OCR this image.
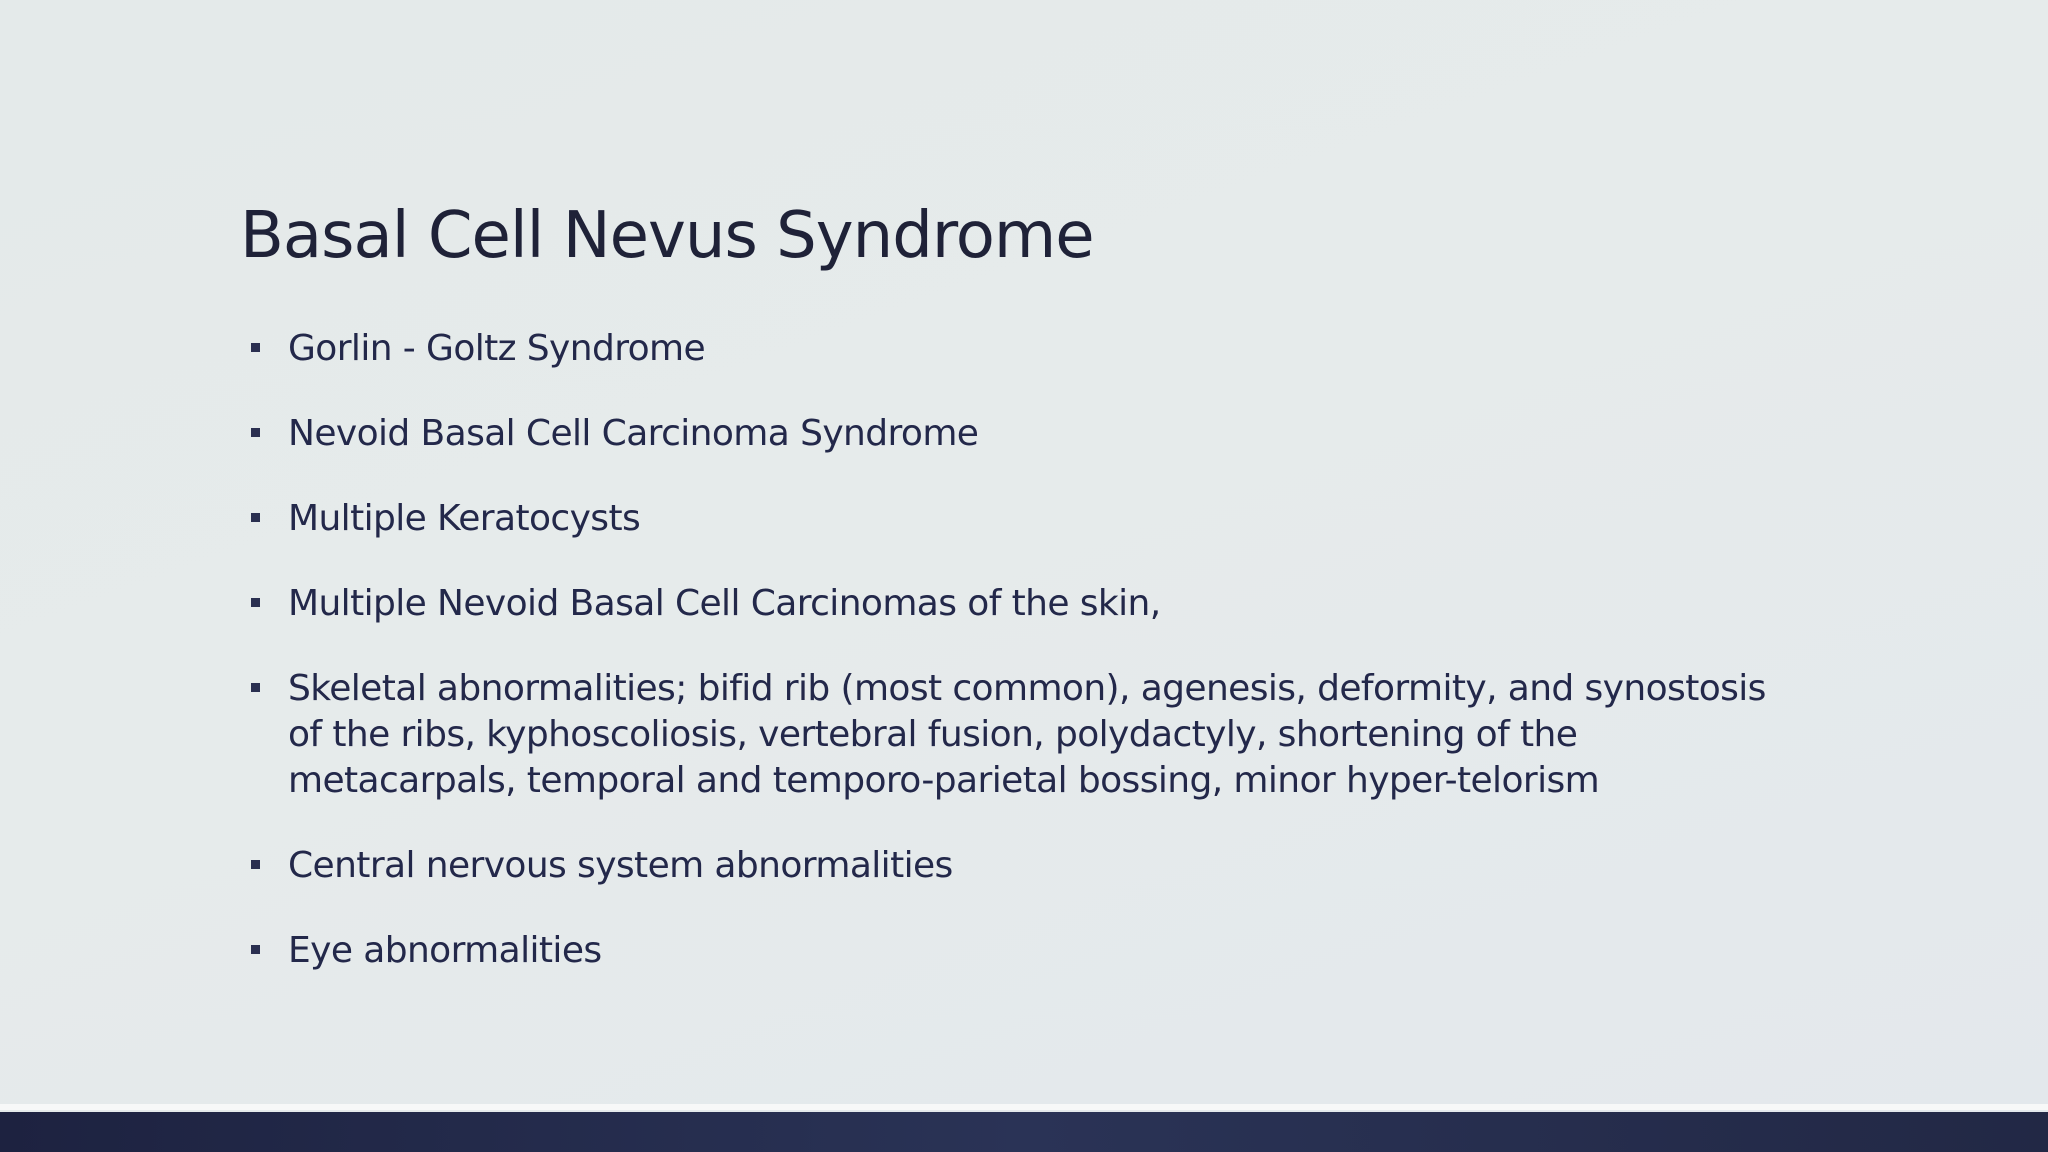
Basal Cell Nevus Syndrome
Gorlin - Goltz Syndrome
Nevoid Basal Cell Carcinoma Syndrome
Multiple Keratocysts
Multiple Nevoid Basal Cell Carcinomas of the skin,
Skeletal abnormalities; bifid rib (most common), agenesis, deformity, and synostosis of the ribs, kyphoscoliosis, vertebral fusion, polydactyly, shortening of the metacarpals, temporal and temporo-parietal bossing, minor hyper-telorism
Central nervous system abnormalities
Eye abnormalities
